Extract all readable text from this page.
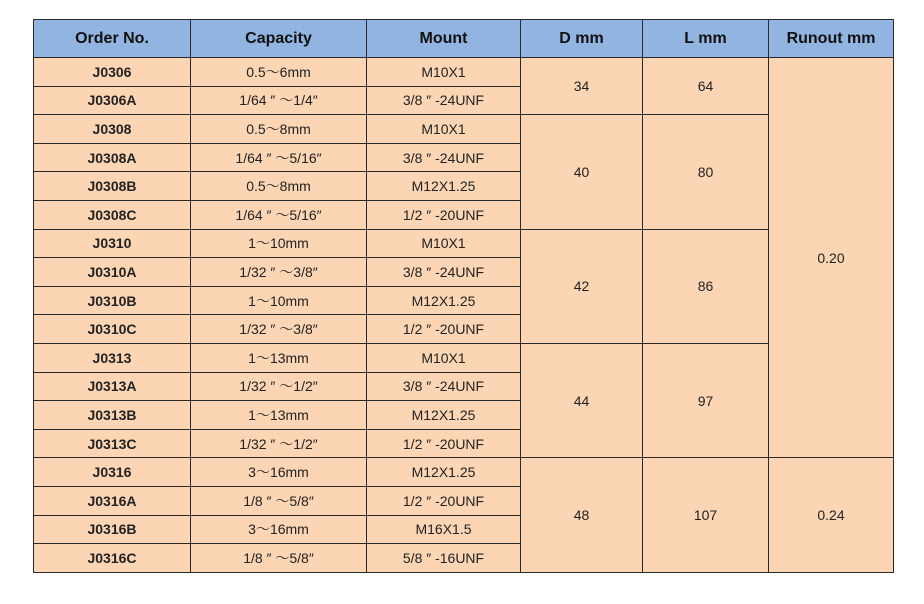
Order No.	Capacity	Mount	D mm	L mm	Runout mm
J0306	0.5～6mm	M10X1	34	64	0.20
J0306A	1/64 ″ ～1/4″	3/8 ″ -24UNF			
J0308	0.5～8mm	M10X1	40	80	
J0308A	1/64 ″ ～5/16″	3/8 ″ -24UNF			
J0308B	0.5～8mm	M12X1.25			
J0308C	1/64 ″ ～5/16″	1/2 ″ -20UNF			
J0310	1～10mm	M10X1	42	86	
J0310A	1/32 ″ ～3/8″	3/8 ″ -24UNF			
J0310B	1～10mm	M12X1.25			
J0310C	1/32 ″ ～3/8″	1/2 ″ -20UNF			
J0313	1～13mm	M10X1	44	97	
J0313A	1/32 ″ ～1/2″	3/8 ″ -24UNF			
J0313B	1～13mm	M12X1.25			
J0313C	1/32 ″ ～1/2″	1/2 ″ -20UNF			
J0316	3～16mm	M12X1.25	48	107	0.24
J0316A	1/8 ″ ～5/8″	1/2 ″ -20UNF			
J0316B	3～16mm	M16X1.5			
J0316C	1/8 ″ ～5/8″	5/8 ″ -16UNF			
